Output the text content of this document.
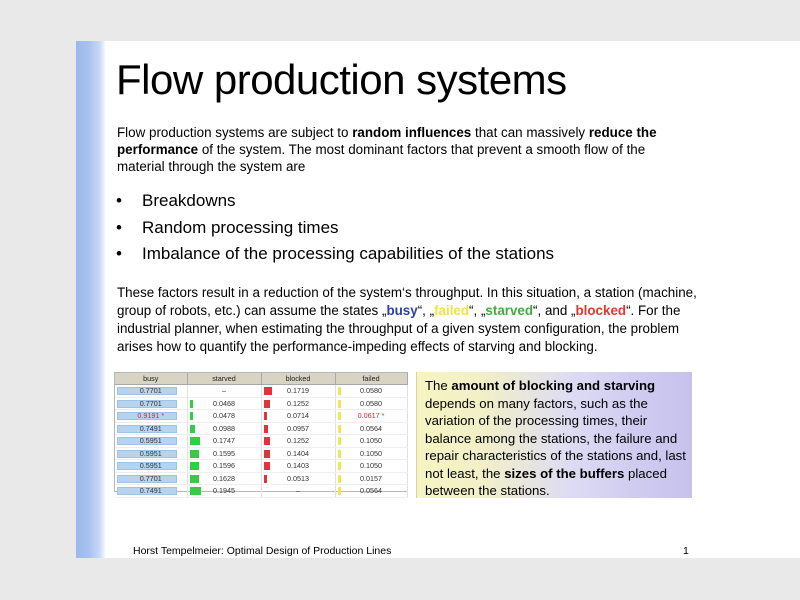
Flow production systems

Flow production systems are subject to random influences that can massively reduce the performance of the system. The most dominant factors that prevent a smooth flow of the material through the system are

• Breakdowns
• Random processing times
• Imbalance of the processing capabilities of the stations

These factors result in a reduction of the system‘s throughput. In this situation, a station (machine, group of robots, etc.) can assume the states „busy“, „failed“, „starved“, and „blocked“. For the industrial planner, when estimating the throughput of a given system configuration, the problem arises how to quantify the performance-impeding effects of starving and blocking.

busy	starved	blocked	failed

0.7701	–	0.1719	0.0580

0.7701	0.0468	0.1252	0.0580

0.9191 *	0.0478	0.0714	0.0617 *

0.7491	0.0988	0.0957	0.0564

0.5951	0.1747	0.1252	0.1050

0.5951	0.1595	0.1404	0.1050

0.5951	0.1596	0.1403	0.1050

0.7701	0.1628	0.0513	0.0157

0.7491	0.1945	–	0.0564

The amount of blocking and starving depends on many factors, such as the variation of the processing times, their balance among the stations, the failure and repair characteristics of the stations and, last not least, the sizes of the buffers placed between the stations.

Horst Tempelmeier: Optimal Design of Production Lines	1
